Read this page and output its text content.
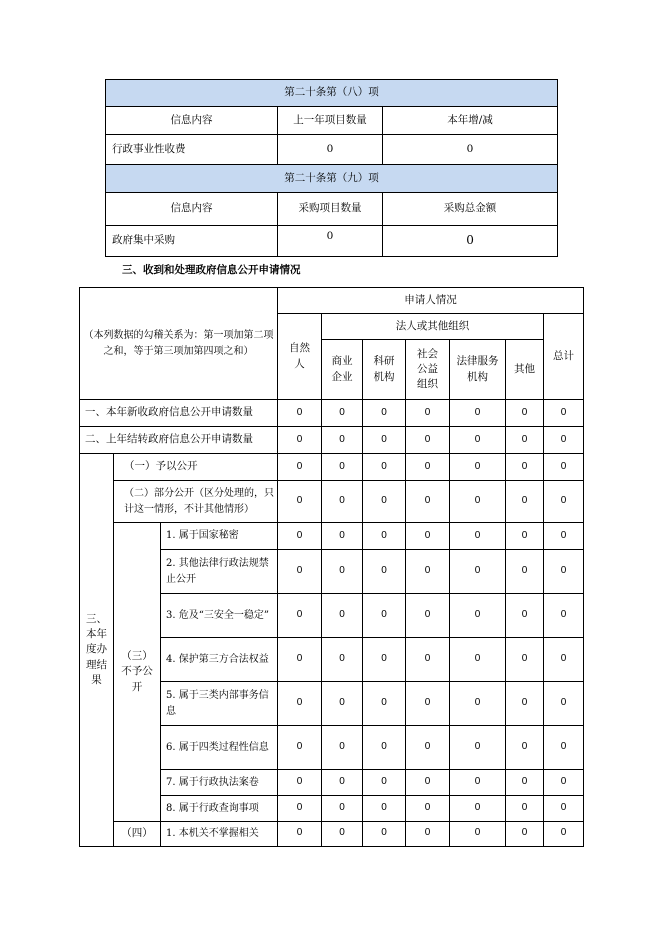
第二十条第（八）项		
信息内容	上一年项目数量	本年增/减
行政事业性收费	0	0
第二十条第（九）项		
信息内容	采购项目数量	采购总金额
政府集中采购	0	0
三、收到和处理政府信息公开申请情况
（本列数据的勾稽关系为：第一项加第二项之和，等于第三项加第四项之和）			申请人情况						
			自然人	法人或其他组织					总计
				商业企业	科研机构	社会公益组织	法律服务机构	其他	
一、本年新收政府信息公开申请数量			0	0	0	0	0	0	0
二、上年结转政府信息公开申请数量			0	0	0	0	0	0	0
三、本年度办理结果	（一）予以公开		0	0	0	0	0	0	0
	（二）部分公开（区分处理的，只计这一情形，不计其他情形）		0	0	0	0	0	0	0
	（三）不予公开	1. 属于国家秘密	0	0	0	0	0	0	0
		2. 其他法律行政法规禁止公开	0	0	0	0	0	0	0
		3. 危及“三安全一稳定”	0	0	0	0	0	0	0
		4. 保护第三方合法权益	0	0	0	0	0	0	0
		5. 属于三类内部事务信息	0	0	0	0	0	0	0
		6. 属于四类过程性信息	0	0	0	0	0	0	0
		7. 属于行政执法案卷	0	0	0	0	0	0	0
		8. 属于行政查询事项	0	0	0	0	0	0	0
	（四）	1. 本机关不掌握相关	0	0	0	0	0	0	0
